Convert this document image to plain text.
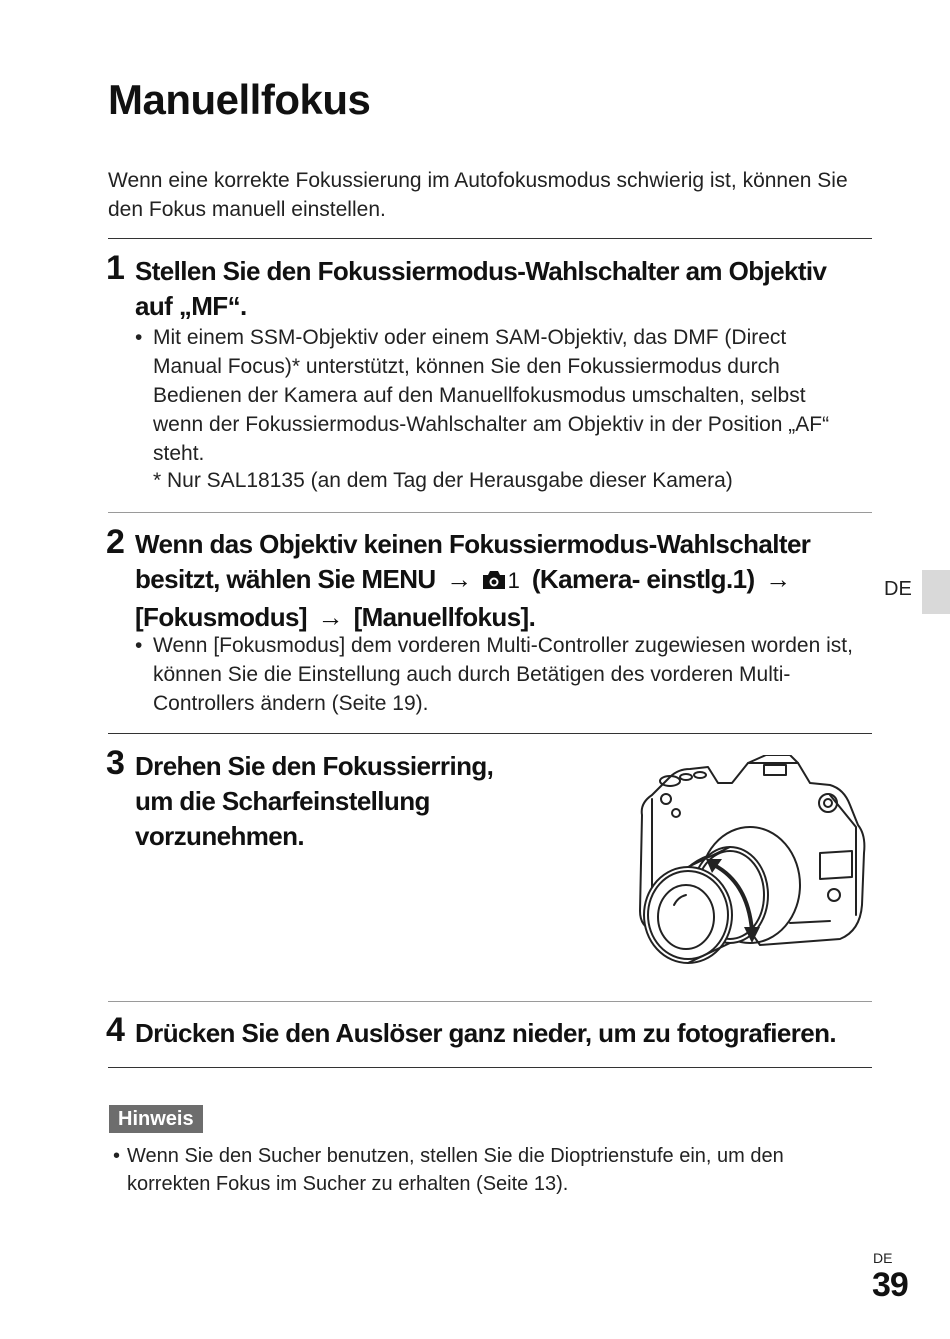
Manuellfokus
Wenn eine korrekte Fokussierung im Autofokusmodus schwierig ist, können Sie den Fokus manuell einstellen.
1 Stellen Sie den Fokussiermodus-Wahlschalter am Objektiv auf „MF“.
• Mit einem SSM-Objektiv oder einem SAM-Objektiv, das DMF (Direct Manual Focus)* unterstützt, können Sie den Fokussiermodus durch Bedienen der Kamera auf den Manuellfokusmodus umschalten, selbst wenn der Fokussiermodus-Wahlschalter am Objektiv in der Position „AF“ steht.
* Nur SAL18135 (an dem Tag der Herausgabe dieser Kamera)
2 Wenn das Objektiv keinen Fokussiermodus-Wahlschalter besitzt, wählen Sie MENU → 1 (Kamera- einstlg.1) →
[Fokusmodus] → [Manuellfokus].
• Wenn [Fokusmodus] dem vorderen Multi-Controller zugewiesen worden ist, können Sie die Einstellung auch durch Betätigen des vorderen Multi-Controllers ändern (Seite 19).
3 Drehen Sie den Fokussierring, um die Scharfeinstellung vorzunehmen.
4 Drücken Sie den Auslöser ganz nieder, um zu fotografieren.
Hinweis
• Wenn Sie den Sucher benutzen, stellen Sie die Dioptrienstufe ein, um den korrekten Fokus im Sucher zu erhalten (Seite 13).
DE
DE
39
